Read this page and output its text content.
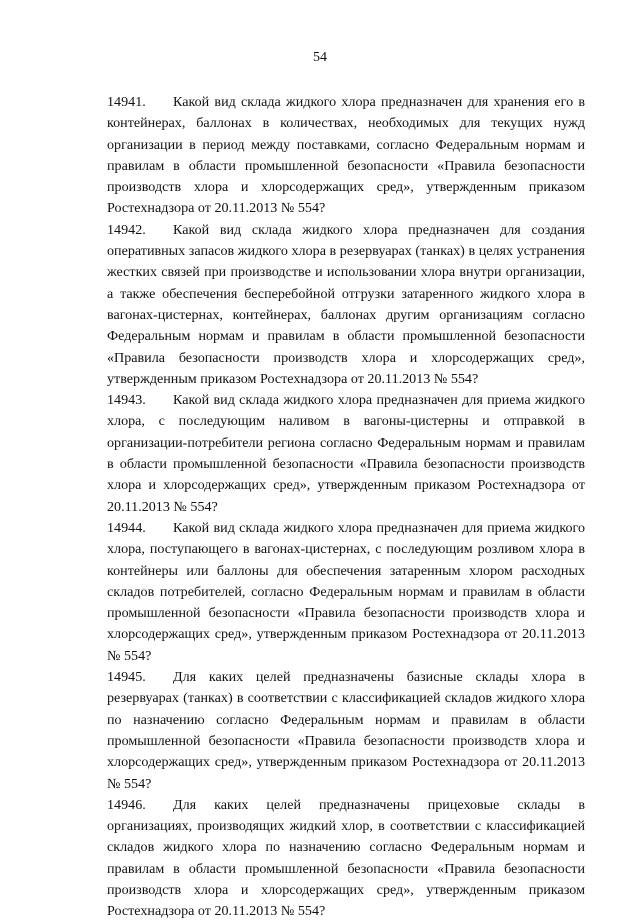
54

14941. Какой вид склада жидкого хлора предназначен для хранения его в контейнерах, баллонах в количествах, необходимых для текущих нужд организации в период между поставками, согласно Федеральным нормам и правилам в области промышленной безопасности «Правила безопасности производств хлора и хлорсодержащих сред», утвержденным приказом Ростехнадзора от 20.11.2013 № 554?

14942. Какой вид склада жидкого хлора предназначен для создания оперативных запасов жидкого хлора в резервуарах (танках) в целях устранения жестких связей при производстве и использовании хлора внутри организации, а также обеспечения бесперебойной отгрузки затаренного жидкого хлора в вагонах-цистернах, контейнерах, баллонах другим организациям согласно Федеральным нормам и правилам в области промышленной безопасности «Правила безопасности производств хлора и хлорсодержащих сред», утвержденным приказом Ростехнадзора от 20.11.2013 № 554?

14943. Какой вид склада жидкого хлора предназначен для приема жидкого хлора, с последующим наливом в вагоны-цистерны и отправкой в организации-потребители региона согласно Федеральным нормам и правилам в области промышленной безопасности «Правила безопасности производств хлора и хлорсодержащих сред», утвержденным приказом Ростехнадзора от 20.11.2013 № 554?

14944. Какой вид склада жидкого хлора предназначен для приема жидкого хлора, поступающего в вагонах-цистернах, с последующим розливом хлора в контейнеры или баллоны для обеспечения затаренным хлором расходных складов потребителей, согласно Федеральным нормам и правилам в области промышленной безопасности «Правила безопасности производств хлора и хлорсодержащих сред», утвержденным приказом Ростехнадзора от 20.11.2013 № 554?

14945. Для каких целей предназначены базисные склады хлора в резервуарах (танках) в соответствии с классификацией складов жидкого хлора по назначению согласно Федеральным нормам и правилам в области промышленной безопасности «Правила безопасности производств хлора и хлорсодержащих сред», утвержденным приказом Ростехнадзора от 20.11.2013 № 554?

14946. Для каких целей предназначены прицеховые склады в организациях, производящих жидкий хлор, в соответствии с классификацией складов жидкого хлора по назначению согласно Федеральным нормам и правилам в области промышленной безопасности «Правила безопасности производств хлора и хлорсодержащих сред», утвержденным приказом Ростехнадзора от 20.11.2013 № 554?
